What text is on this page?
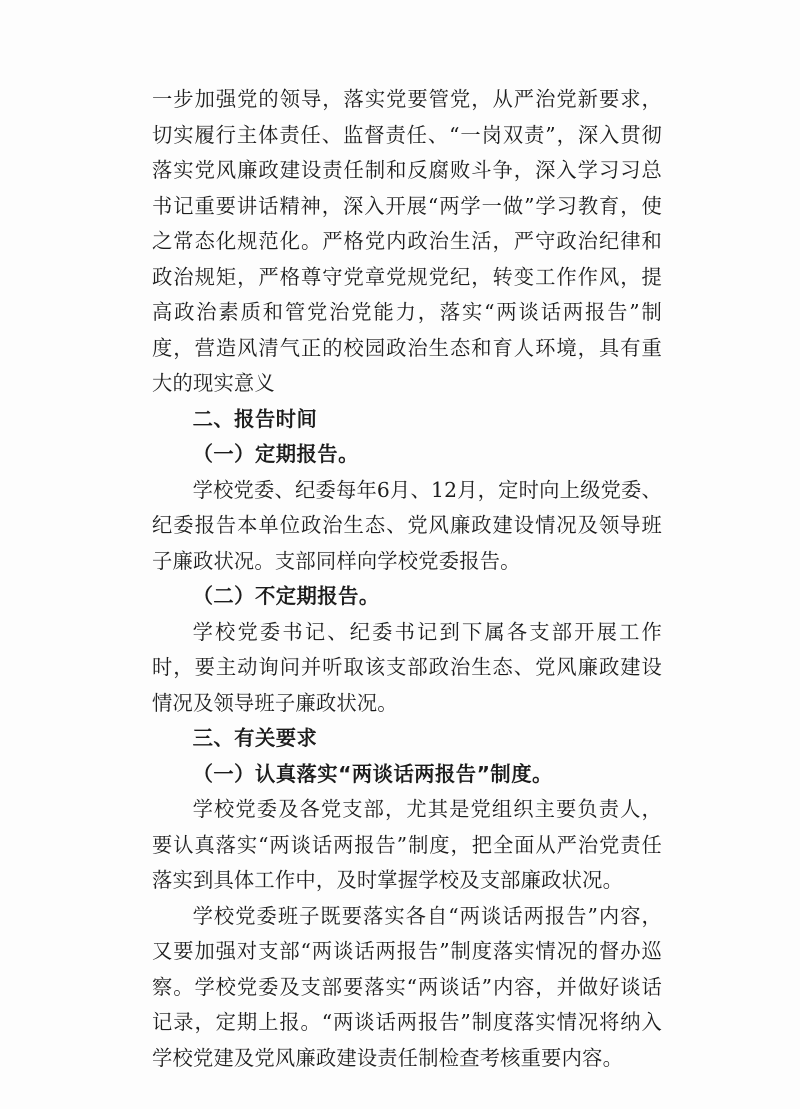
一步加强党的领导，落实党要管党，从严治党新要求，切实履行主体责任、监督责任、“一岗双责”，深入贯彻落实党风廉政建设责任制和反腐败斗争，深入学习习总书记重要讲话精神，深入开展“两学一做”学习教育，使之常态化规范化。严格党内政治生活，严守政治纪律和政治规矩，严格尊守党章党规党纪，转变工作作风，提高政治素质和管党治党能力，落实“两谈话两报告”制度，营造风清气正的校园政治生态和育人环境，具有重大的现实意义

二、报告时间

（一）定期报告。

学校党委、纪委每年6月、12月，定时向上级党委、纪委报告本单位政治生态、党风廉政建设情况及领导班子廉政状况。支部同样向学校党委报告。

（二）不定期报告。

学校党委书记、纪委书记到下属各支部开展工作时，要主动询问并听取该支部政治生态、党风廉政建设情况及领导班子廉政状况。

三、有关要求

（一）认真落实“两谈话两报告”制度。

学校党委及各党支部，尤其是党组织主要负责人，要认真落实“两谈话两报告”制度，把全面从严治党责任落实到具体工作中，及时掌握学校及支部廉政状况。

学校党委班子既要落实各自“两谈话两报告”内容，又要加强对支部“两谈话两报告”制度落实情况的督办巡察。学校党委及支部要落实“两谈话”内容，并做好谈话记录，定期上报。“两谈话两报告”制度落实情况将纳入学校党建及党风廉政建设责任制检查考核重要内容。
